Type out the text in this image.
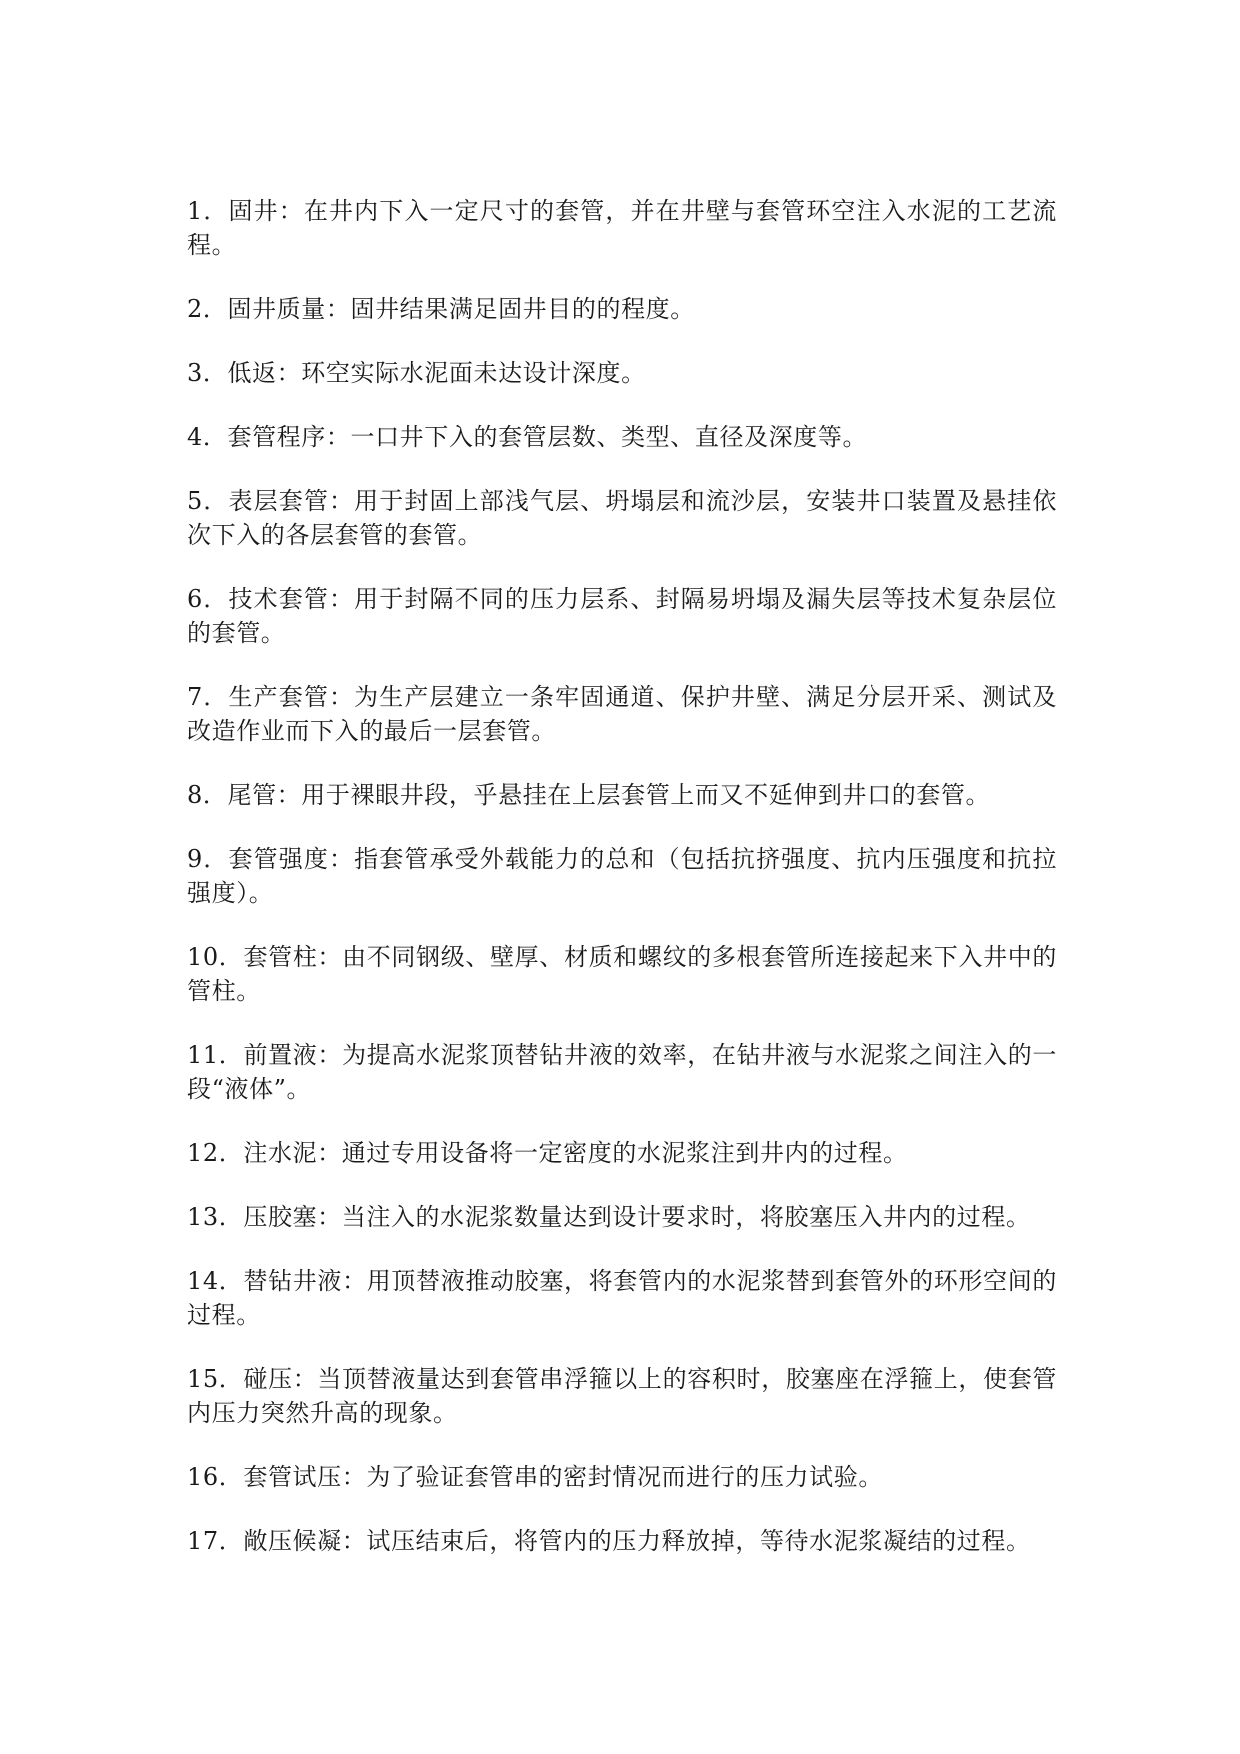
1．固井：在井内下入一定尺寸的套管，并在井壁与套管环空注入水泥的工艺流程。

2．固井质量：固井结果满足固井目的的程度。

3．低返：环空实际水泥面未达设计深度。

4．套管程序：一口井下入的套管层数、类型、直径及深度等。

5．表层套管：用于封固上部浅气层、坍塌层和流沙层，安装井口装置及悬挂依次下入的各层套管的套管。

6．技术套管：用于封隔不同的压力层系、封隔易坍塌及漏失层等技术复杂层位的套管。

7．生产套管：为生产层建立一条牢固通道、保护井壁、满足分层开采、测试及改造作业而下入的最后一层套管。

8．尾管：用于裸眼井段，乎悬挂在上层套管上而又不延伸到井口的套管。

9．套管强度：指套管承受外载能力的总和（包括抗挤强度、抗内压强度和抗拉强度）。

10．套管柱：由不同钢级、壁厚、材质和螺纹的多根套管所连接起来下入井中的管柱。

11．前置液：为提高水泥浆顶替钻井液的效率，在钻井液与水泥浆之间注入的一段“液体”。

12．注水泥：通过专用设备将一定密度的水泥浆注到井内的过程。

13．压胶塞：当注入的水泥浆数量达到设计要求时，将胶塞压入井内的过程。

14．替钻井液：用顶替液推动胶塞，将套管内的水泥浆替到套管外的环形空间的过程。

15．碰压：当顶替液量达到套管串浮箍以上的容积时，胶塞座在浮箍上，使套管内压力突然升高的现象。

16．套管试压：为了验证套管串的密封情况而进行的压力试验。

17．敞压候凝：试压结束后，将管内的压力释放掉，等待水泥浆凝结的过程。
